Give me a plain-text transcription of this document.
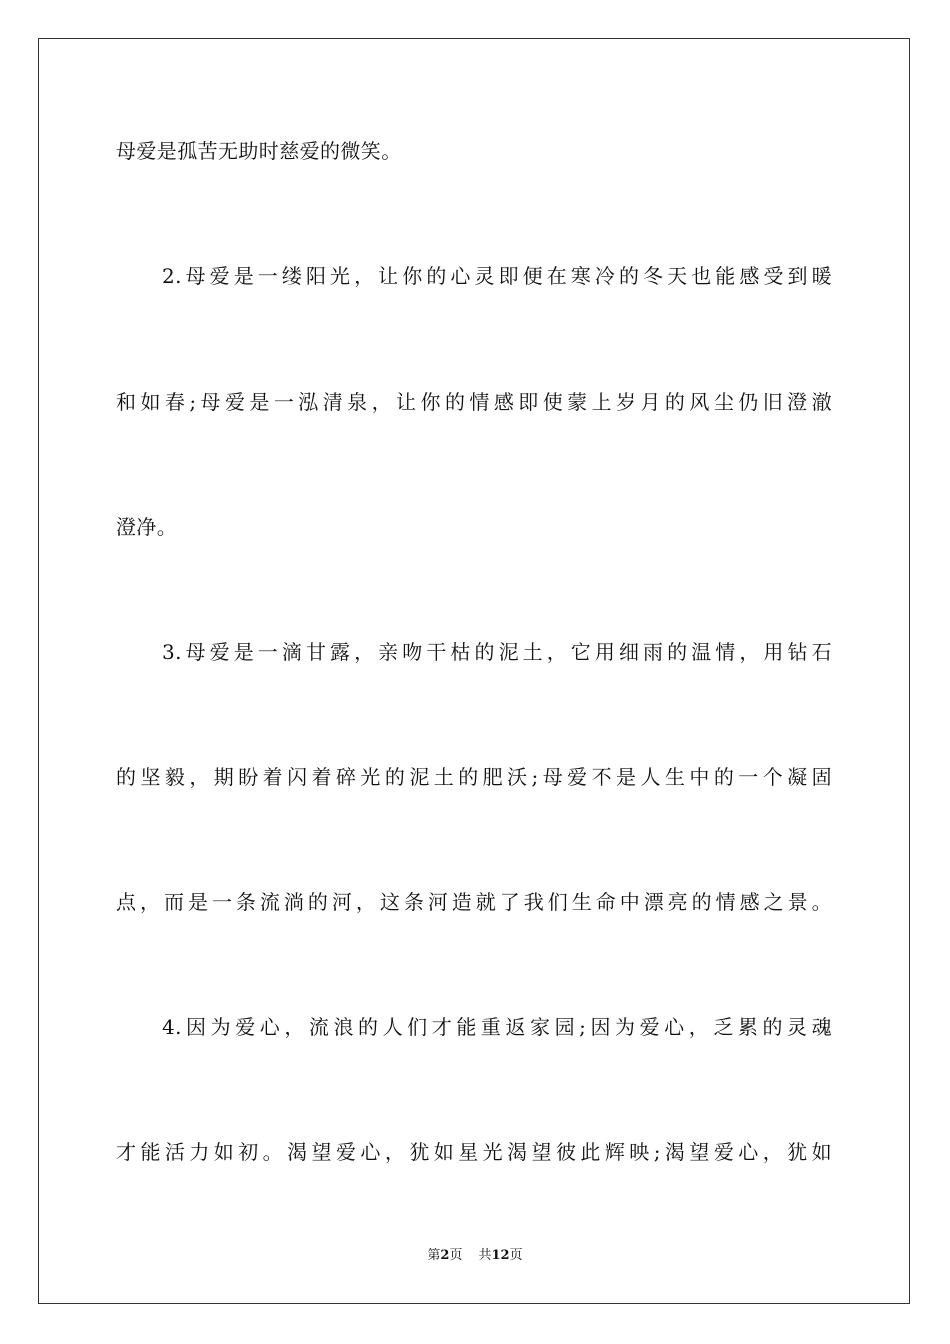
母爱是孤苦无助时慈爱的微笑。

2.母爱是一缕阳光，让你的心灵即便在寒冷的冬天也能感受到暖

和如春;母爱是一泓清泉，让你的情感即使蒙上岁月的风尘仍旧澄澈

澄净。

3.母爱是一滴甘露，亲吻干枯的泥土，它用细雨的温情，用钻石

的坚毅，期盼着闪着碎光的泥土的肥沃;母爱不是人生中的一个凝固

点，而是一条流淌的河，这条河造就了我们生命中漂亮的情感之景。

4.因为爱心，流浪的人们才能重返家园;因为爱心，乏累的灵魂

才能活力如初。渴望爱心，犹如星光渴望彼此辉映;渴望爱心，犹如

第2页 共12页
